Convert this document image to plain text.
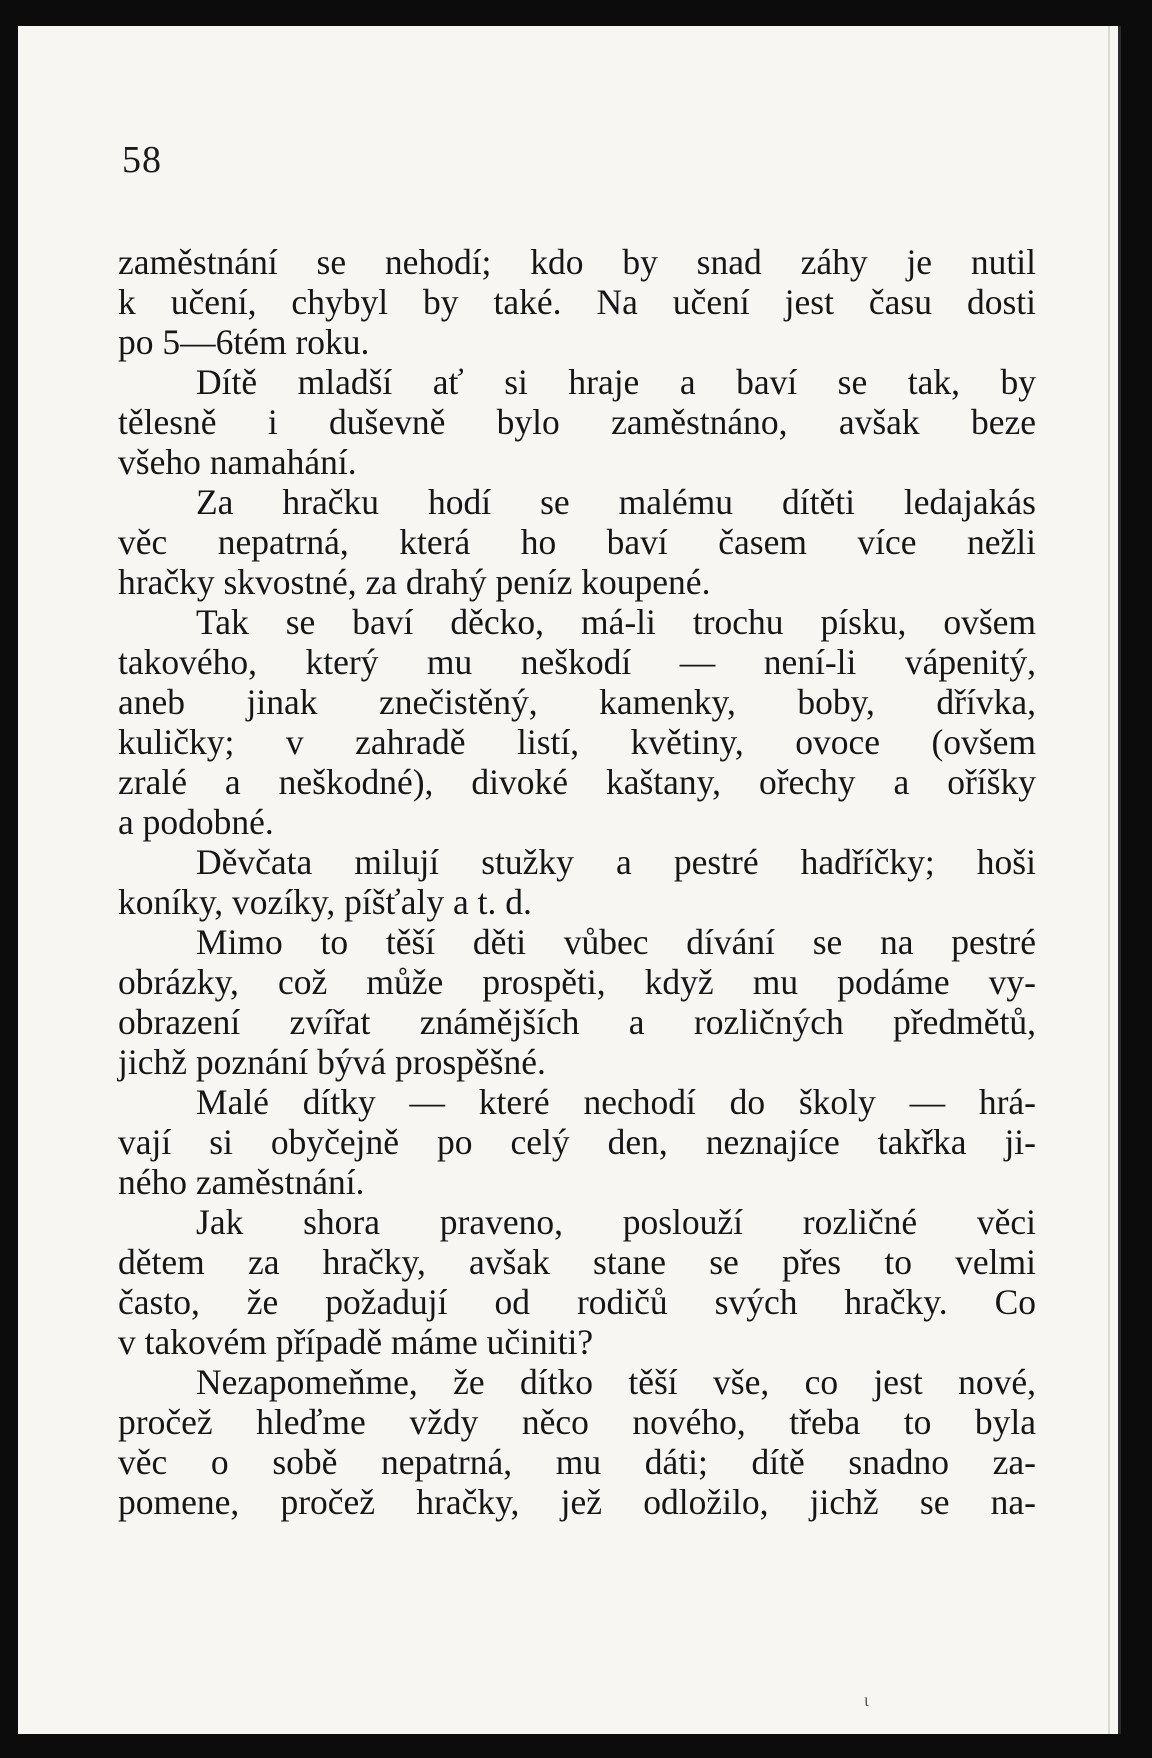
58

zaměstnání se nehodí; kdo by snad záhy je nutil
k učení, chybyl by také. Na učení jest času dosti
po 5—6tém roku.
Dítě mladší ať si hraje a baví se tak, by
tělesně i duševně bylo zaměstnáno, avšak beze
všeho namahání.
Za hračku hodí se malému dítěti ledajakás
věc nepatrná, která ho baví časem více nežli
hračky skvostné, za drahý peníz koupené.
Tak se baví děcko, má-li trochu písku, ovšem
takového, který mu neškodí — není-li vápenitý,
aneb jinak znečistěný, kamenky, boby, dřívka,
kuličky; v zahradě listí, květiny, ovoce (ovšem
zralé a neškodné), divoké kaštany, ořechy a oříšky
a podobné.
Děvčata milují stužky a pestré hadříčky; hoši
koníky, vozíky, píšťaly a t. d.
Mimo to těší děti vůbec dívání se na pestré
obrázky, což může prospěti, když mu podáme vy-
obrazení zvířat známějších a rozličných předmětů,
jichž poznání bývá prospěšné.
Malé dítky — které nechodí do školy — hrá-
vají si obyčejně po celý den, neznajíce takřka ji-
ného zaměstnání.
Jak shora praveno, poslouží rozličné věci
dětem za hračky, avšak stane se přes to velmi
často, že požadují od rodičů svých hračky. Co
v takovém případě máme učiniti?
Nezapomeňme, že dítko těší vše, co jest nové,
pročež hleďme vždy něco nového, třeba to byla
věc o sobě nepatrná, mu dáti; dítě snadno za-
pomene, pročež hračky, jež odložilo, jichž se na-

ɩ
